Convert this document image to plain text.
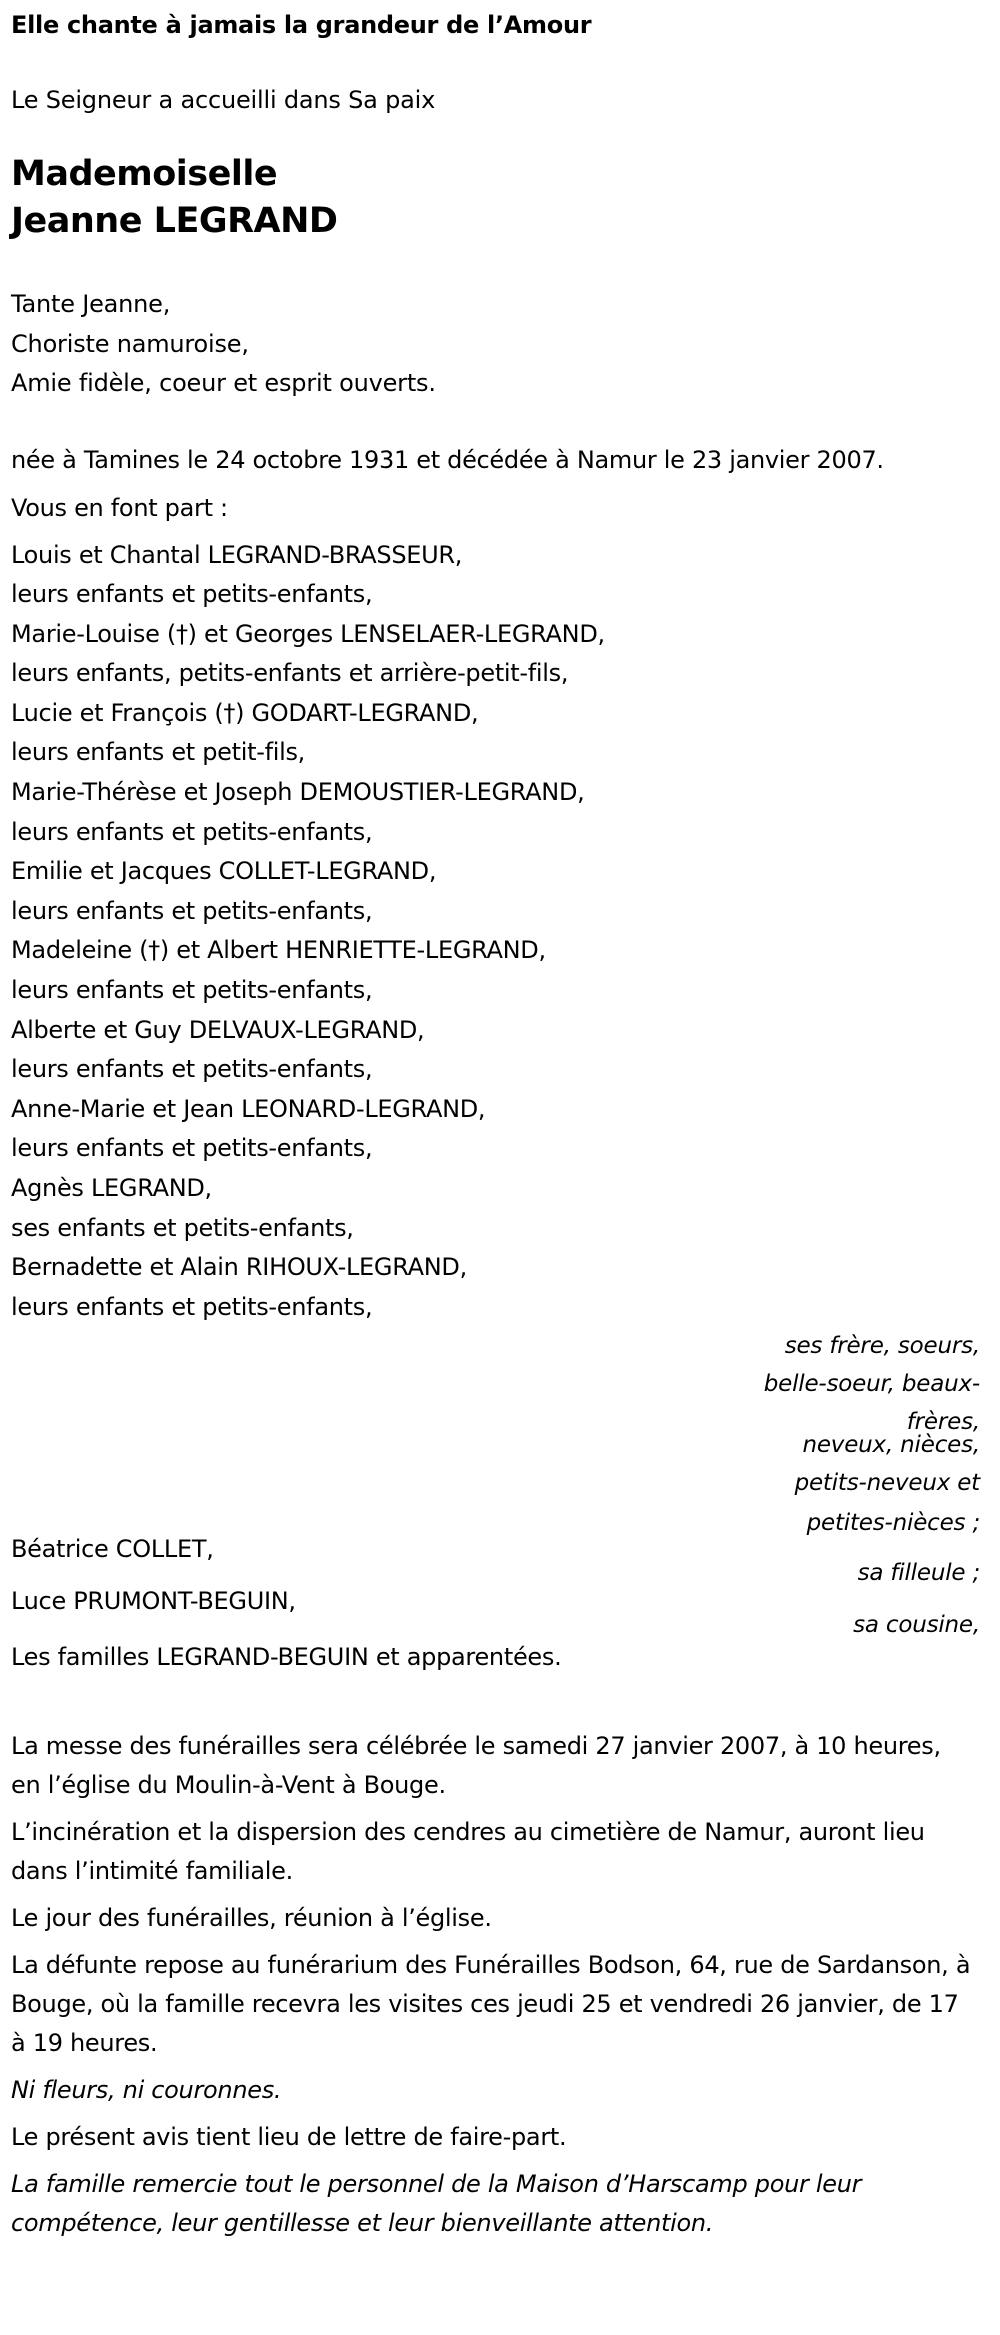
Elle chante à jamais la grandeur de l’Amour
Le Seigneur a accueilli dans Sa paix
Mademoiselle
Jeanne LEGRAND
Tante Jeanne,
Choriste namuroise,
Amie fidèle, coeur et esprit ouverts.
née à Tamines le 24 octobre 1931 et décédée à Namur le 23 janvier 2007.
Vous en font part :
Louis et Chantal LEGRAND-BRASSEUR,
leurs enfants et petits-enfants,
Marie-Louise (†) et Georges LENSELAER-LEGRAND,
leurs enfants, petits-enfants et arrière-petit-fils,
Lucie et François (†) GODART-LEGRAND,
leurs enfants et petit-fils,
Marie-Thérèse et Joseph DEMOUSTIER-LEGRAND,
leurs enfants et petits-enfants,
Emilie et Jacques COLLET-LEGRAND,
leurs enfants et petits-enfants,
Madeleine (†) et Albert HENRIETTE-LEGRAND,
leurs enfants et petits-enfants,
Alberte et Guy DELVAUX-LEGRAND,
leurs enfants et petits-enfants,
Anne-Marie et Jean LEONARD-LEGRAND,
leurs enfants et petits-enfants,
Agnès LEGRAND,
ses enfants et petits-enfants,
Bernadette et Alain RIHOUX-LEGRAND,
leurs enfants et petits-enfants,
ses frère, soeurs, belle-soeur, beaux-frères,
neveux, nièces,
petits-neveux et
petites-nièces ;
Béatrice COLLET,
sa filleule ;
Luce PRUMONT-BEGUIN,
sa cousine,
Les familles LEGRAND-BEGUIN et apparentées.

La messe des funérailles sera célébrée le samedi 27 janvier 2007, à 10 heures, en l’église du Moulin-à-Vent à Bouge.

L’incinération et la dispersion des cendres au cimetière de Namur, auront lieu dans l’intimité familiale.

Le jour des funérailles, réunion à l’église.

La défunte repose au funérarium des Funérailles Bodson, 64, rue de Sardanson, à Bouge, où la famille recevra les visites ces jeudi 25 et vendredi 26 janvier, de 17 à 19 heures.

Ni fleurs, ni couronnes.

Le présent avis tient lieu de lettre de faire-part.

La famille remercie tout le personnel de la Maison d’Harscamp pour leur compétence, leur gentillesse et leur bienveillante attention.
